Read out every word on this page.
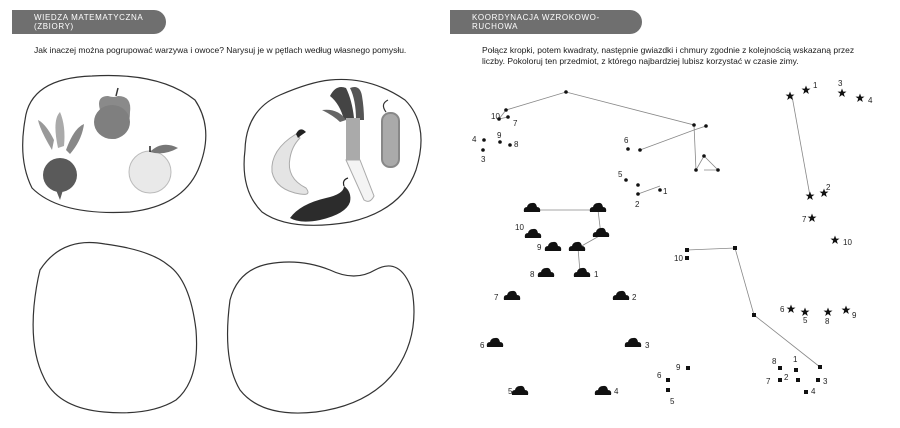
WIEDZA MATEMATYCZNA (ZBIORY)
KOORDYNACJA WZROKOWO-RUCHOWA
Jak inaczej można pogrupować warzywa i owoce? Narysuj je w pętlach według własnego pomysłu.	Połącz kropki, potem kwadraty, następnie gwiazdki i chmury zgodnie z kolejnością wskazaną przez liczby. Pokoloruj ten przedmiot, z którego najbardziej lubisz korzystać w czasie zimy.
10
7
4
3
9
8	6
5
1
2
1	3
4
2
7
10
6
5 8
9
10
9
8	1
7	2
6	3
5	4
10
9
6
5
8 1
7 2	3
4
